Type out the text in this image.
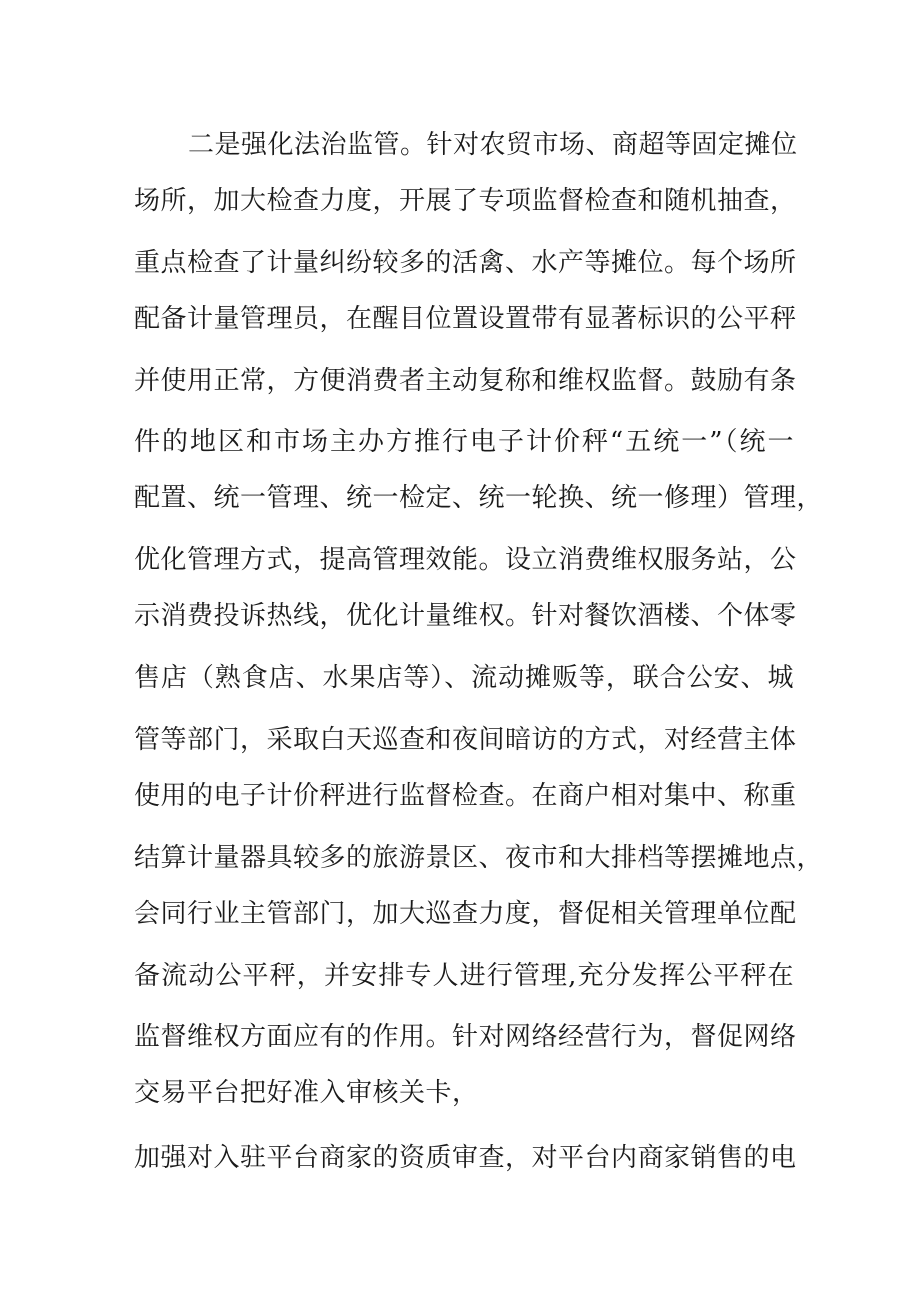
二是强化法治监管。针对农贸市场、商超等固定摊位
场所，加大检查力度，开展了专项监督检查和随机抽查，
重点检查了计量纠纷较多的活禽、水产等摊位。每个场所
配备计量管理员，在醒目位置设置带有显著标识的公平秤
并使用正常，方便消费者主动复称和维权监督。鼓励有条
件的地区和市场主办方推行电子计价秤“五统一”（统一
配置、统一管理、统一检定、统一轮换、统一修理）管理，
优化管理方式，提高管理效能。设立消费维权服务站，公
示消费投诉热线，优化计量维权。针对餐饮酒楼、个体零
售店（熟食店、水果店等）、流动摊贩等，联合公安、城
管等部门，采取白天巡查和夜间暗访的方式，对经营主体
使用的电子计价秤进行监督检查。在商户相对集中、称重
结算计量器具较多的旅游景区、夜市和大排档等摆摊地点，
会同行业主管部门，加大巡查力度，督促相关管理单位配
备流动公平秤，并安排专人进行管理,充分发挥公平秤在
监督维权方面应有的作用。针对网络经营行为，督促网络
交易平台把好准入审核关卡，
加强对入驻平台商家的资质审查，对平台内商家销售的电
